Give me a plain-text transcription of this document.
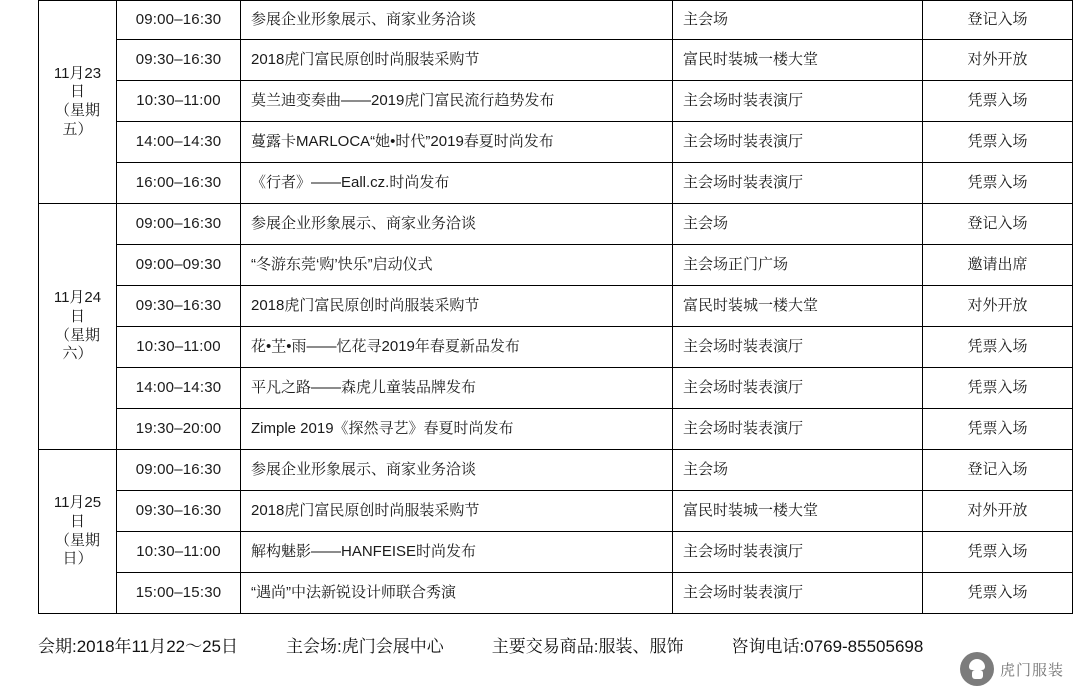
11月23日
（星期五）	09:00–16:30	参展企业形象展示、商家业务洽谈	主会场	登记入场
	09:30–16:30	2018虎门富民原创时尚服装采购节	富民时装城一楼大堂	对外开放
	10:30–11:00	莫兰迪变奏曲——2019虎门富民流行趋势发布	主会场时装表演厅	凭票入场
	14:00–14:30	蔓露卡MARLOCA“她•时代”2019春夏时尚发布	主会场时装表演厅	凭票入场
	16:00–16:30	《行者》——Eall.cz.时尚发布	主会场时装表演厅	凭票入场

11月24日
（星期六）	09:00–16:30	参展企业形象展示、商家业务洽谈	主会场	登记入场
	09:00–09:30	“冬游东莞‘购’快乐”启动仪式	主会场正门广场	邀请出席
	09:30–16:30	2018虎门富民原创时尚服装采购节	富民时装城一楼大堂	对外开放
	10:30–11:00	花•芏•雨——忆花寻2019年春夏新品发布	主会场时装表演厅	凭票入场
	14:00–14:30	平凡之路——森虎儿童装品牌发布	主会场时装表演厅	凭票入场
	19:30–20:00	Zimple 2019《探然寻艺》春夏时尚发布	主会场时装表演厅	凭票入场

11月25日
（星期日）	09:00–16:30	参展企业形象展示、商家业务洽谈	主会场	登记入场
	09:30–16:30	2018虎门富民原创时尚服装采购节	富民时装城一楼大堂	对外开放
	10:30–11:00	解构魅影——HANFEISE时尚发布	主会场时装表演厅	凭票入场
	15:00–15:30	“遇尚”中法新锐设计师联合秀演	主会场时装表演厅	凭票入场
会期:2018年11月22～25日	主会场:虎门会展中心	主要交易商品:服装、服饰	咨询电话:0769-85505698
虎门服装
